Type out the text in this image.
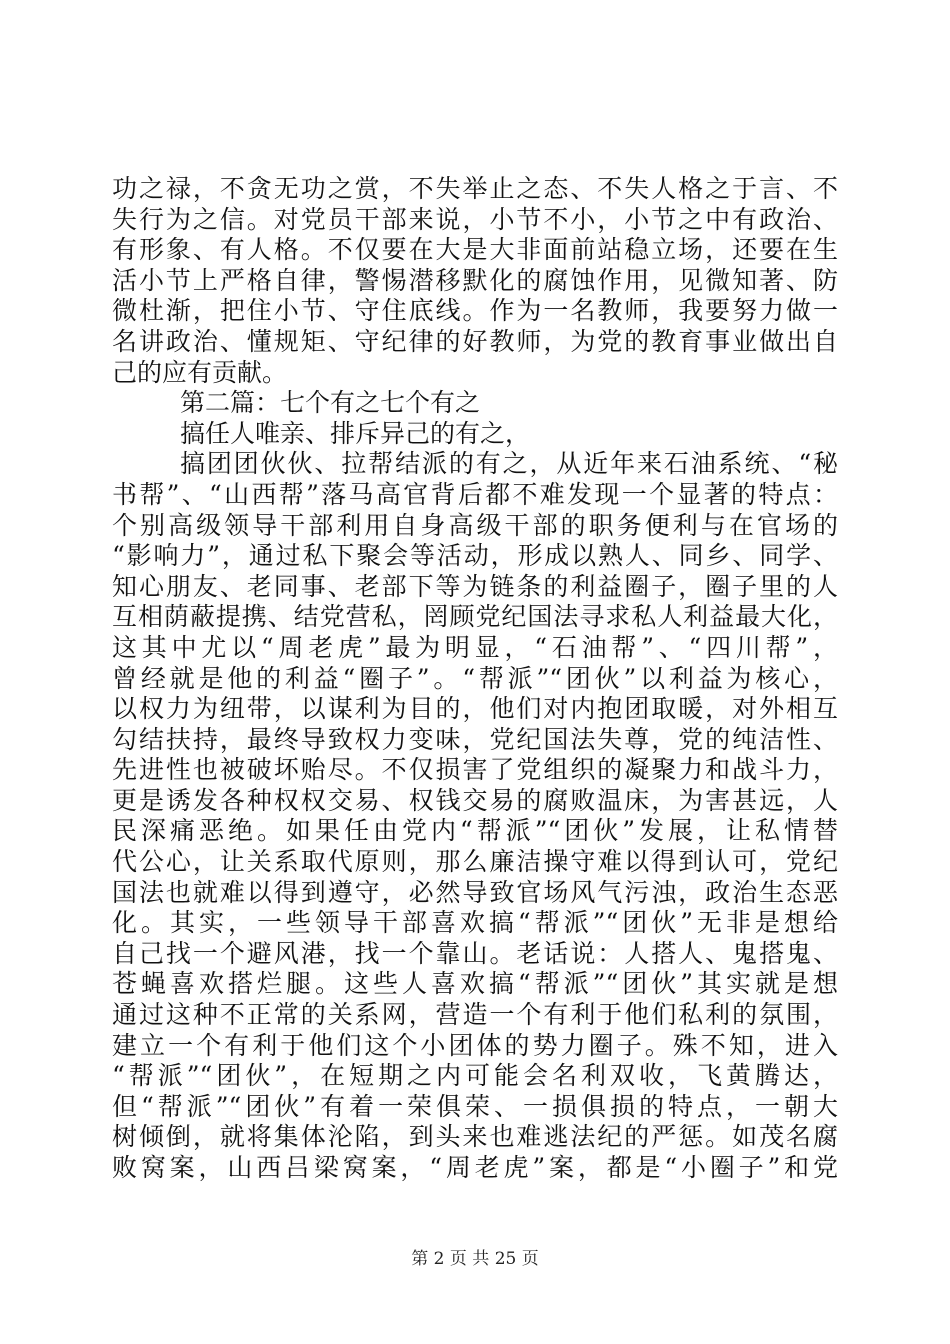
功之禄，不贪无功之赏，不失举止之态、不失人格之于言、不
失行为之信。对党员干部来说，小节不小，小节之中有政治、
有形象、有人格。不仅要在大是大非面前站稳立场，还要在生
活小节上严格自律，警惕潜移默化的腐蚀作用，见微知著、防
微杜渐，把住小节、守住底线。作为一名教师，我要努力做一
名讲政治、懂规矩、守纪律的好教师，为党的教育事业做出自
己的应有贡献。
第二篇：七个有之七个有之
搞任人唯亲、排斥异己的有之，
搞团团伙伙、拉帮结派的有之，从近年来石油系统、“秘
书帮”、“山西帮”落马高官背后都不难发现一个显著的特点：
个别高级领导干部利用自身高级干部的职务便利与在官场的
“影响力”，通过私下聚会等活动，形成以熟人、同乡、同学、
知心朋友、老同事、老部下等为链条的利益圈子，圈子里的人
互相荫蔽提携、结党营私，罔顾党纪国法寻求私人利益最大化，
这其中尤以“周老虎”最为明显，“石油帮”、“四川帮”，
曾经就是他的利益“圈子”。“帮派”“团伙”以利益为核心，
以权力为纽带，以谋利为目的，他们对内抱团取暖，对外相互
勾结扶持，最终导致权力变味，党纪国法失尊，党的纯洁性、
先进性也被破坏贻尽。不仅损害了党组织的凝聚力和战斗力，
更是诱发各种权权交易、权钱交易的腐败温床，为害甚远，人
民深痛恶绝。如果任由党内“帮派”“团伙”发展，让私情替
代公心，让关系取代原则，那么廉洁操守难以得到认可，党纪
国法也就难以得到遵守，必然导致官场风气污浊，政治生态恶
化。其实，一些领导干部喜欢搞“帮派”“团伙”无非是想给
自己找一个避风港，找一个靠山。老话说：人搭人、鬼搭鬼、
苍蝇喜欢搭烂腿。这些人喜欢搞“帮派”“团伙”其实就是想
通过这种不正常的关系网，营造一个有利于他们私利的氛围，
建立一个有利于他们这个小团体的势力圈子。殊不知，进入
“帮派”“团伙”，在短期之内可能会名利双收，飞黄腾达，
但“帮派”“团伙”有着一荣俱荣、一损俱损的特点，一朝大
树倾倒，就将集体沦陷，到头来也难逃法纪的严惩。如茂名腐
败窝案，山西吕梁窝案，“周老虎”案，都是“小圈子”和党
第 2 页 共 25 页
